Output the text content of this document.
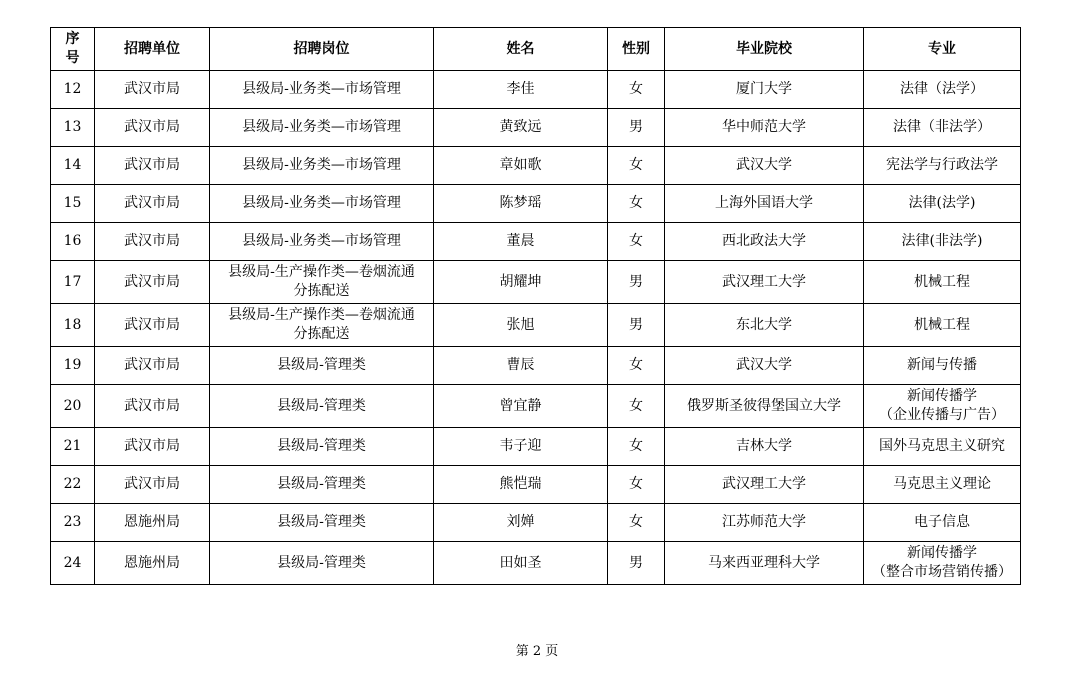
序
号	招聘单位	招聘岗位	姓名	性别	毕业院校	专业
12	武汉市局	县级局-业务类—市场管理	李佳	女	厦门大学	法律（法学）

13	武汉市局	县级局-业务类—市场管理	黄致远	男	华中师范大学	法律（非法学）

14	武汉市局	县级局-业务类—市场管理	章如歌	女	武汉大学	宪法学与行政法学

15	武汉市局	县级局-业务类—市场管理	陈梦瑶	女	上海外国语大学	法律(法学)

16	武汉市局	县级局-业务类—市场管理	董晨	女	西北政法大学	法律(非法学)

17	武汉市局	县级局-生产操作类—卷烟流通
分拣配送	胡耀坤	男	武汉理工大学	机械工程

18	武汉市局	县级局-生产操作类—卷烟流通
分拣配送	张旭	男	东北大学	机械工程

19	武汉市局	县级局-管理类	曹辰	女	武汉大学	新闻与传播

20	武汉市局	县级局-管理类	曾宜静	女	俄罗斯圣彼得堡国立大学	新闻传播学
（企业传播与广告）

21	武汉市局	县级局-管理类	韦子迎	女	吉林大学	国外马克思主义研究

22	武汉市局	县级局-管理类	熊恺瑞	女	武汉理工大学	马克思主义理论

23	恩施州局	县级局-管理类	刘婵	女	江苏师范大学	电子信息

24	恩施州局	县级局-管理类	田如圣	男	马来西亚理科大学	新闻传播学
（整合市场营销传播）
第 2 页
